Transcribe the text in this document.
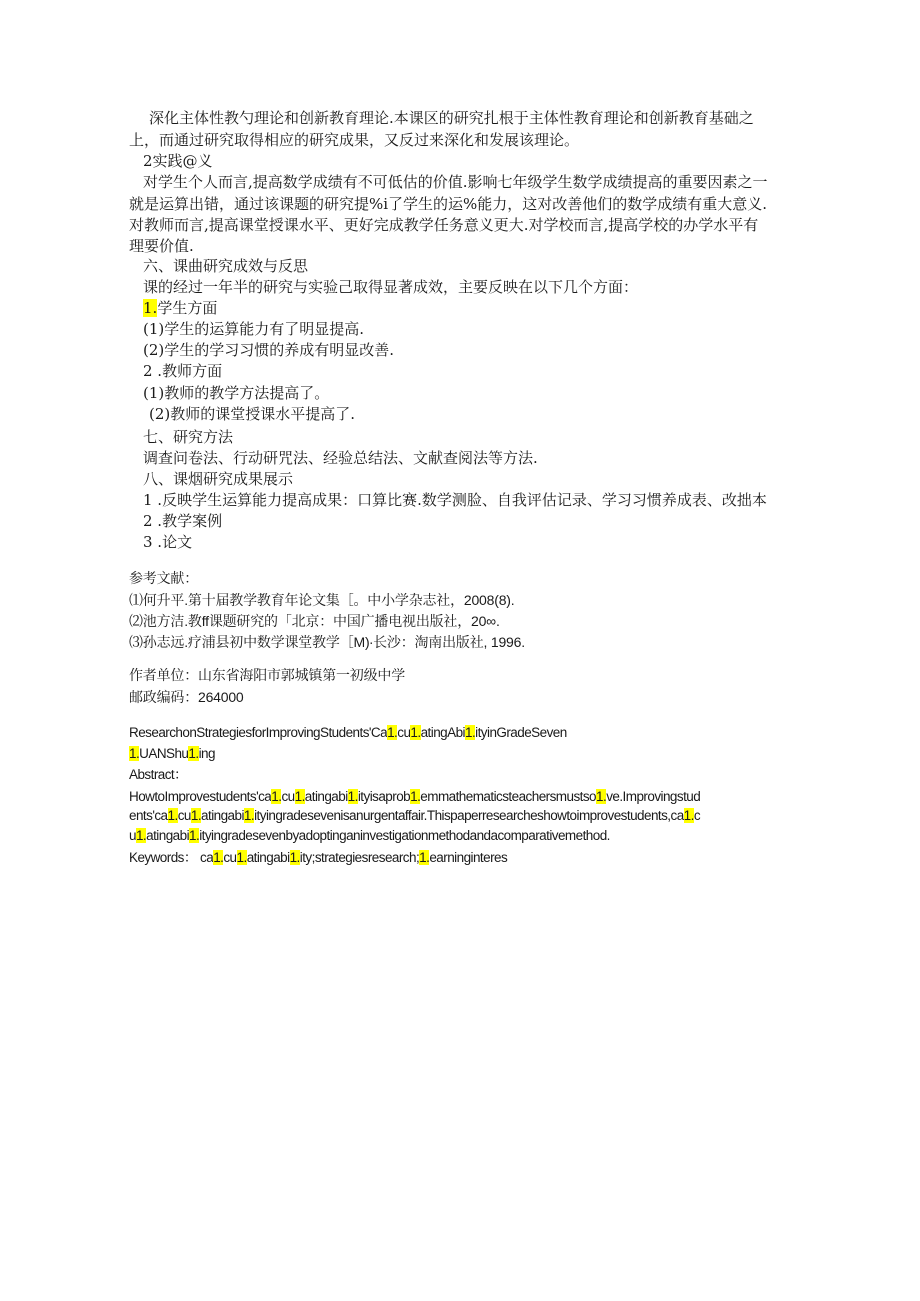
深化主体性教勺理论和创新教育理论.本课区的研究扎根于主体性教育理论和创新教育基础之
上，而通过研究取得相应的研究成果，又反过来深化和发展该理论。
2实践@义
对学生个人而言,提高数学成绩有不可低估的价值.影响七年级学生数学成绩提高的重要因素之一
就是运算出错，通过该课题的研究提%i了学生的运%能力，这对改善他们的数学成绩有重大意义.
对教师而言,提高课堂授课水平、更好完成教学任务意义更大.对学校而言,提高学校的办学水平有
理要价值.
六、课曲研究成效与反思
课的经过一年半的研究与实验己取得显著成效，主要反映在以下几个方面：
1.学生方面
(1)学生的运算能力有了明显提高.
(2)学生的学习习惯的养成有明显改善.
2 .教师方面
(1)教师的教学方法提高了。
(2)教师的课堂授课水平提高了.
七、研究方法
调查问卷法、行动研咒法、经验总结法、文献查阅法等方法.
八、课烟研究成果展示
1 .反映学生运算能力提高成果：口算比赛.数学测脸、自我评估记录、学习习惯养成表、改拙本
2 .教学案例
3 .论文
参考文献：
⑴何升平.第十届教学教育年论文集［。中小学杂志社，2008(8).
⑵池方洁.教ff课题研究的「北京：中国广播电视出版社，20∞.
⑶孙志远.疗浦县初中数学课堂教学［M)∙长沙：淘南出版社, 1996.
作者单位：山东省海阳市郭城镇第一初级中学
邮政编码：264000
ResearchonStrategiesforImprovingStudents'Ca1.cu1.atingAbi1.ityinGradeSeven
1.UANShu1.ing
Abstract：
HowtoImprovestudents'ca1.cu1.atingabi1.ityisaprob1.emmathematicsteachersmustso1.ve.Improvingstud
ents'ca1.cu1.atingabi1.ityingradesevenisanurgentaffair.Thispaperresearcheshowtoimprovestudents,ca1.c
u1.atingabi1.ityingradesevenbyadoptinganinvestigationmethodandacomparativemethod.
Keywords： ca1.cu1.atingabi1.ity;strategiesresearch;1.earninginteres
